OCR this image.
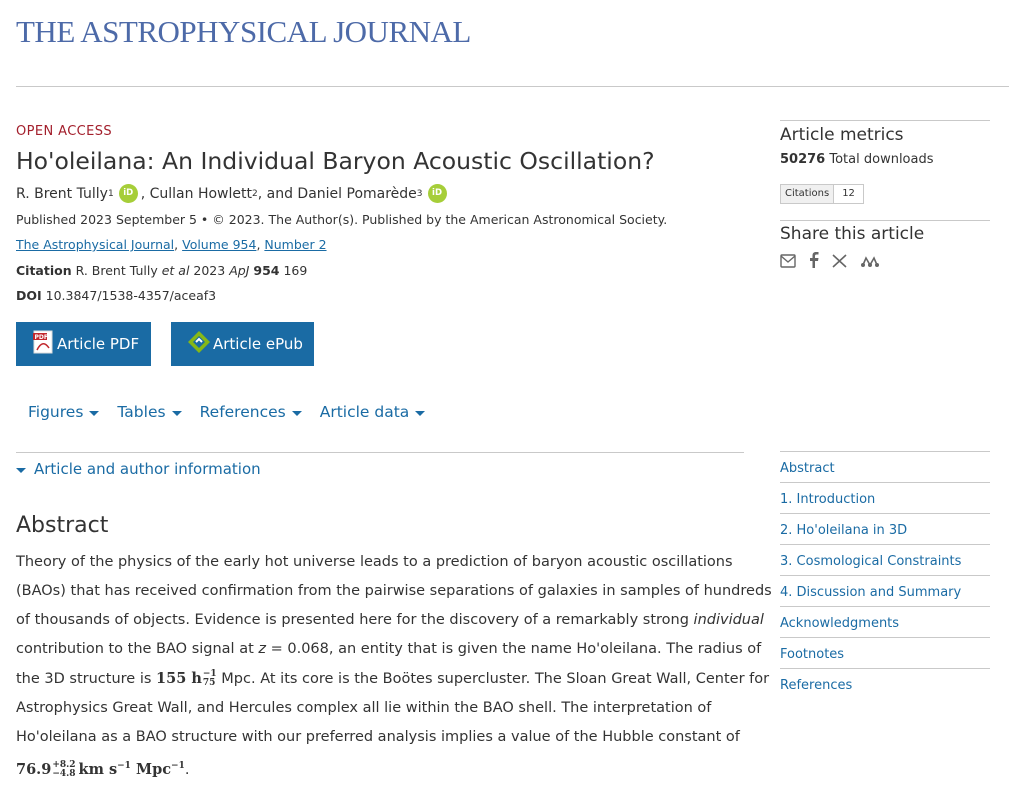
THE ASTROPHYSICAL JOURNAL
OPEN ACCESS
Ho'oleilana: An Individual Baryon Acoustic Oscillation?
R. Brent Tully 1	iD ,
Cullan Howlett 2 , and
Daniel Pomarède 3	iD
Published 2023 September 5 • © 2023. The Author(s). Published by the American Astronomical Society.
The Astrophysical Journal, Volume 954, Number 2
Citation R. Brent Tully et al 2023 ApJ 954 169
DOI 10.3847/1538-4357/aceaf3
PDF Article PDF	Article ePub
Figures Tables References Article data
Article and author information
Abstract

Theory of the physics of the early hot universe leads to a prediction of baryon acoustic oscillations

(BAOs) that has received confirmation from the pairwise separations of galaxies in samples of hundreds

of thousands of objects. Evidence is presented here for the discovery of a remarkably strong individual

contribution to the BAO signal at z = 0.068, an entity that is given the name Ho'oleilana. The radius of

the 3D structure is 155 h −1
75 Mpc. At its core is the Boötes supercluster. The Sloan Great Wall, Center for

Astrophysics Great Wall, and Hercules complex all lie within the BAO shell. The interpretation of

Ho'oleilana as a BAO structure with our preferred analysis implies a value of the Hubble constant of

76.9 +8.2
−4.8 km $s^{-1}$ Mpc$^{-1}$.

Article metrics
50276 Total downloads
Citations	12
Share this article
Abstract
1. Introduction
2. Ho'oleilana in 3D
3. Cosmological Constraints
4. Discussion and Summary
Acknowledgments
Footnotes
References
